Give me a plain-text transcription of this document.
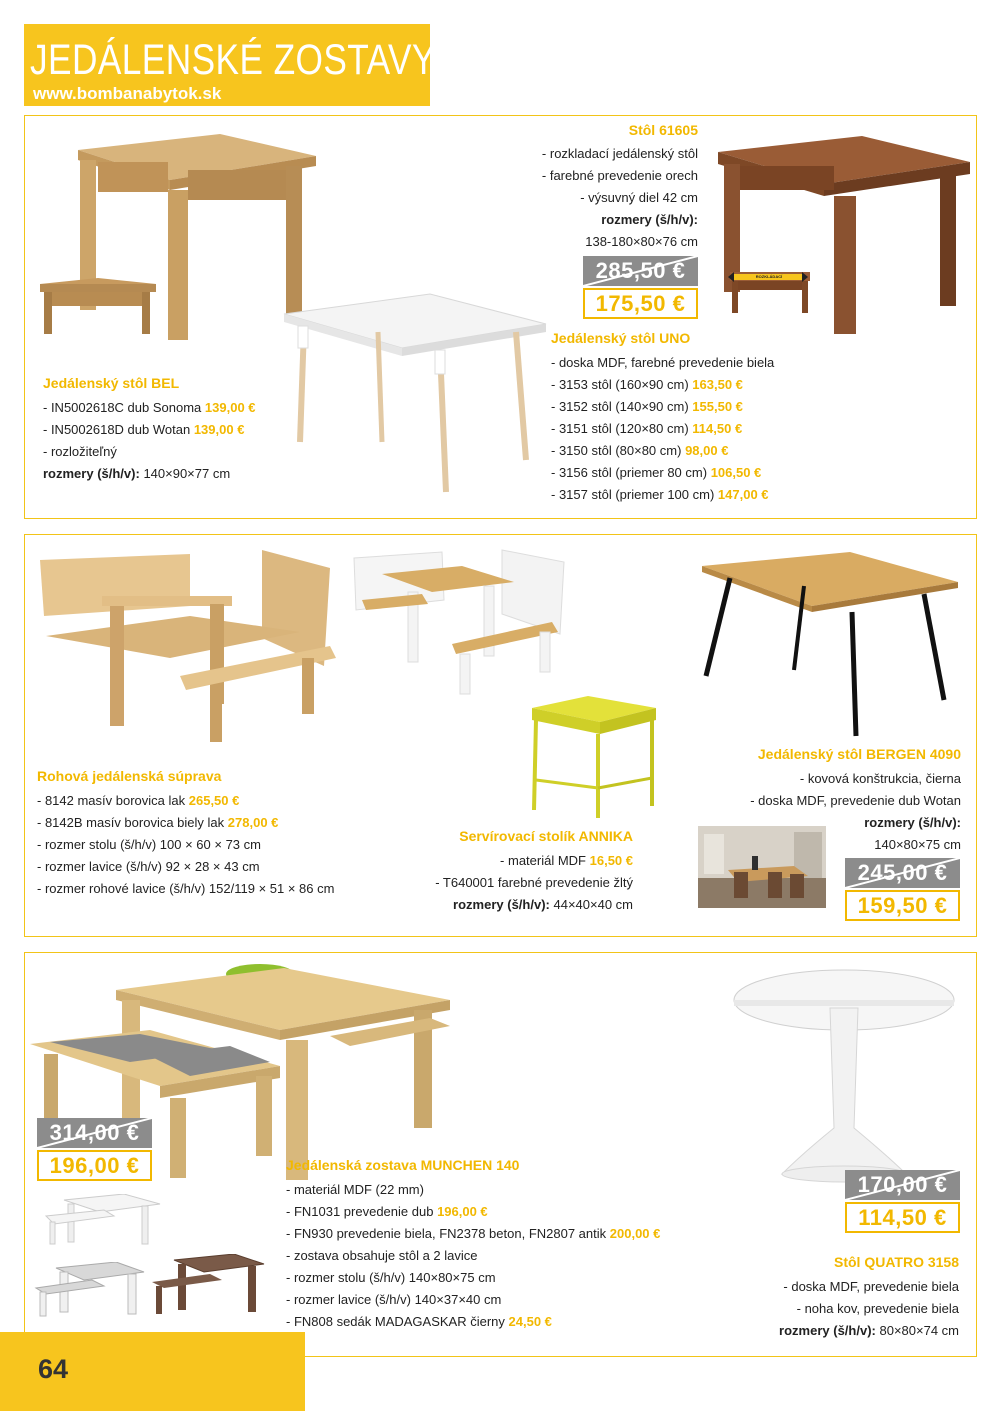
JEDÁLENSKÉ ZOSTAVY
www.bombanabytok.sk
ROZKLÁDACÍ
Stôl 61605
- rozkladací jedálenský stôl
- farebné prevedenie orech
- výsuvný diel 42 cm
rozmery (š/h/v):
138-180×80×76 cm
285,50 €
175,50 €
Jedálenský stôl UNO
- doska MDF, farebné prevedenie biela
- 3153 stôl (160×90 cm) 163,50 €
- 3152 stôl (140×90 cm) 155,50 €
- 3151 stôl (120×80 cm) 114,50 €
- 3150 stôl (80×80 cm) 98,00 €
- 3156 stôl (priemer 80 cm) 106,50 €
- 3157 stôl (priemer 100 cm) 147,00 €
Jedálenský stôl BEL
- IN5002618C dub Sonoma 139,00 €
- IN5002618D dub Wotan 139,00 €
- rozložiteľný
rozmery (š/h/v): 140×90×77 cm
Rohová jedálenská súprava
- 8142 masív borovica lak 265,50 €
- 8142B masív borovica biely lak 278,00 €
- rozmer stolu (š/h/v) 100 × 60 × 73 cm
- rozmer lavice (š/h/v) 92 × 28 × 43 cm
- rozmer rohové lavice (š/h/v) 152/119 × 51 × 86 cm
Servírovací stolík ANNIKA
- materiál MDF 16,50 €
- T640001 farebné prevedenie žltý
rozmery (š/h/v): 44×40×40 cm
Jedálenský stôl BERGEN 4090
- kovová konštrukcia, čierna
- doska MDF, prevedenie dub Wotan
rozmery (š/h/v):
140×80×75 cm
245,00 €
159,50 €
314,00 €
196,00 €	Jedálenská zostava MUNCHEN 140
- materiál MDF (22 mm)
- FN1031 prevedenie dub 196,00 €
- FN930 prevedenie biela, FN2378 beton, FN2807 antik 200,00 €
- zostava obsahuje stôl a 2 lavice
- rozmer stolu (š/h/v) 140×80×75 cm
- rozmer lavice (š/h/v) 140×37×40 cm
- FN808 sedák MADAGASKAR čierny 24,50 €
170,00 €
114,50 €
Stôl QUATRO 3158
- doska MDF, prevedenie biela
- noha kov, prevedenie biela
rozmery (š/h/v): 80×80×74 cm
64
